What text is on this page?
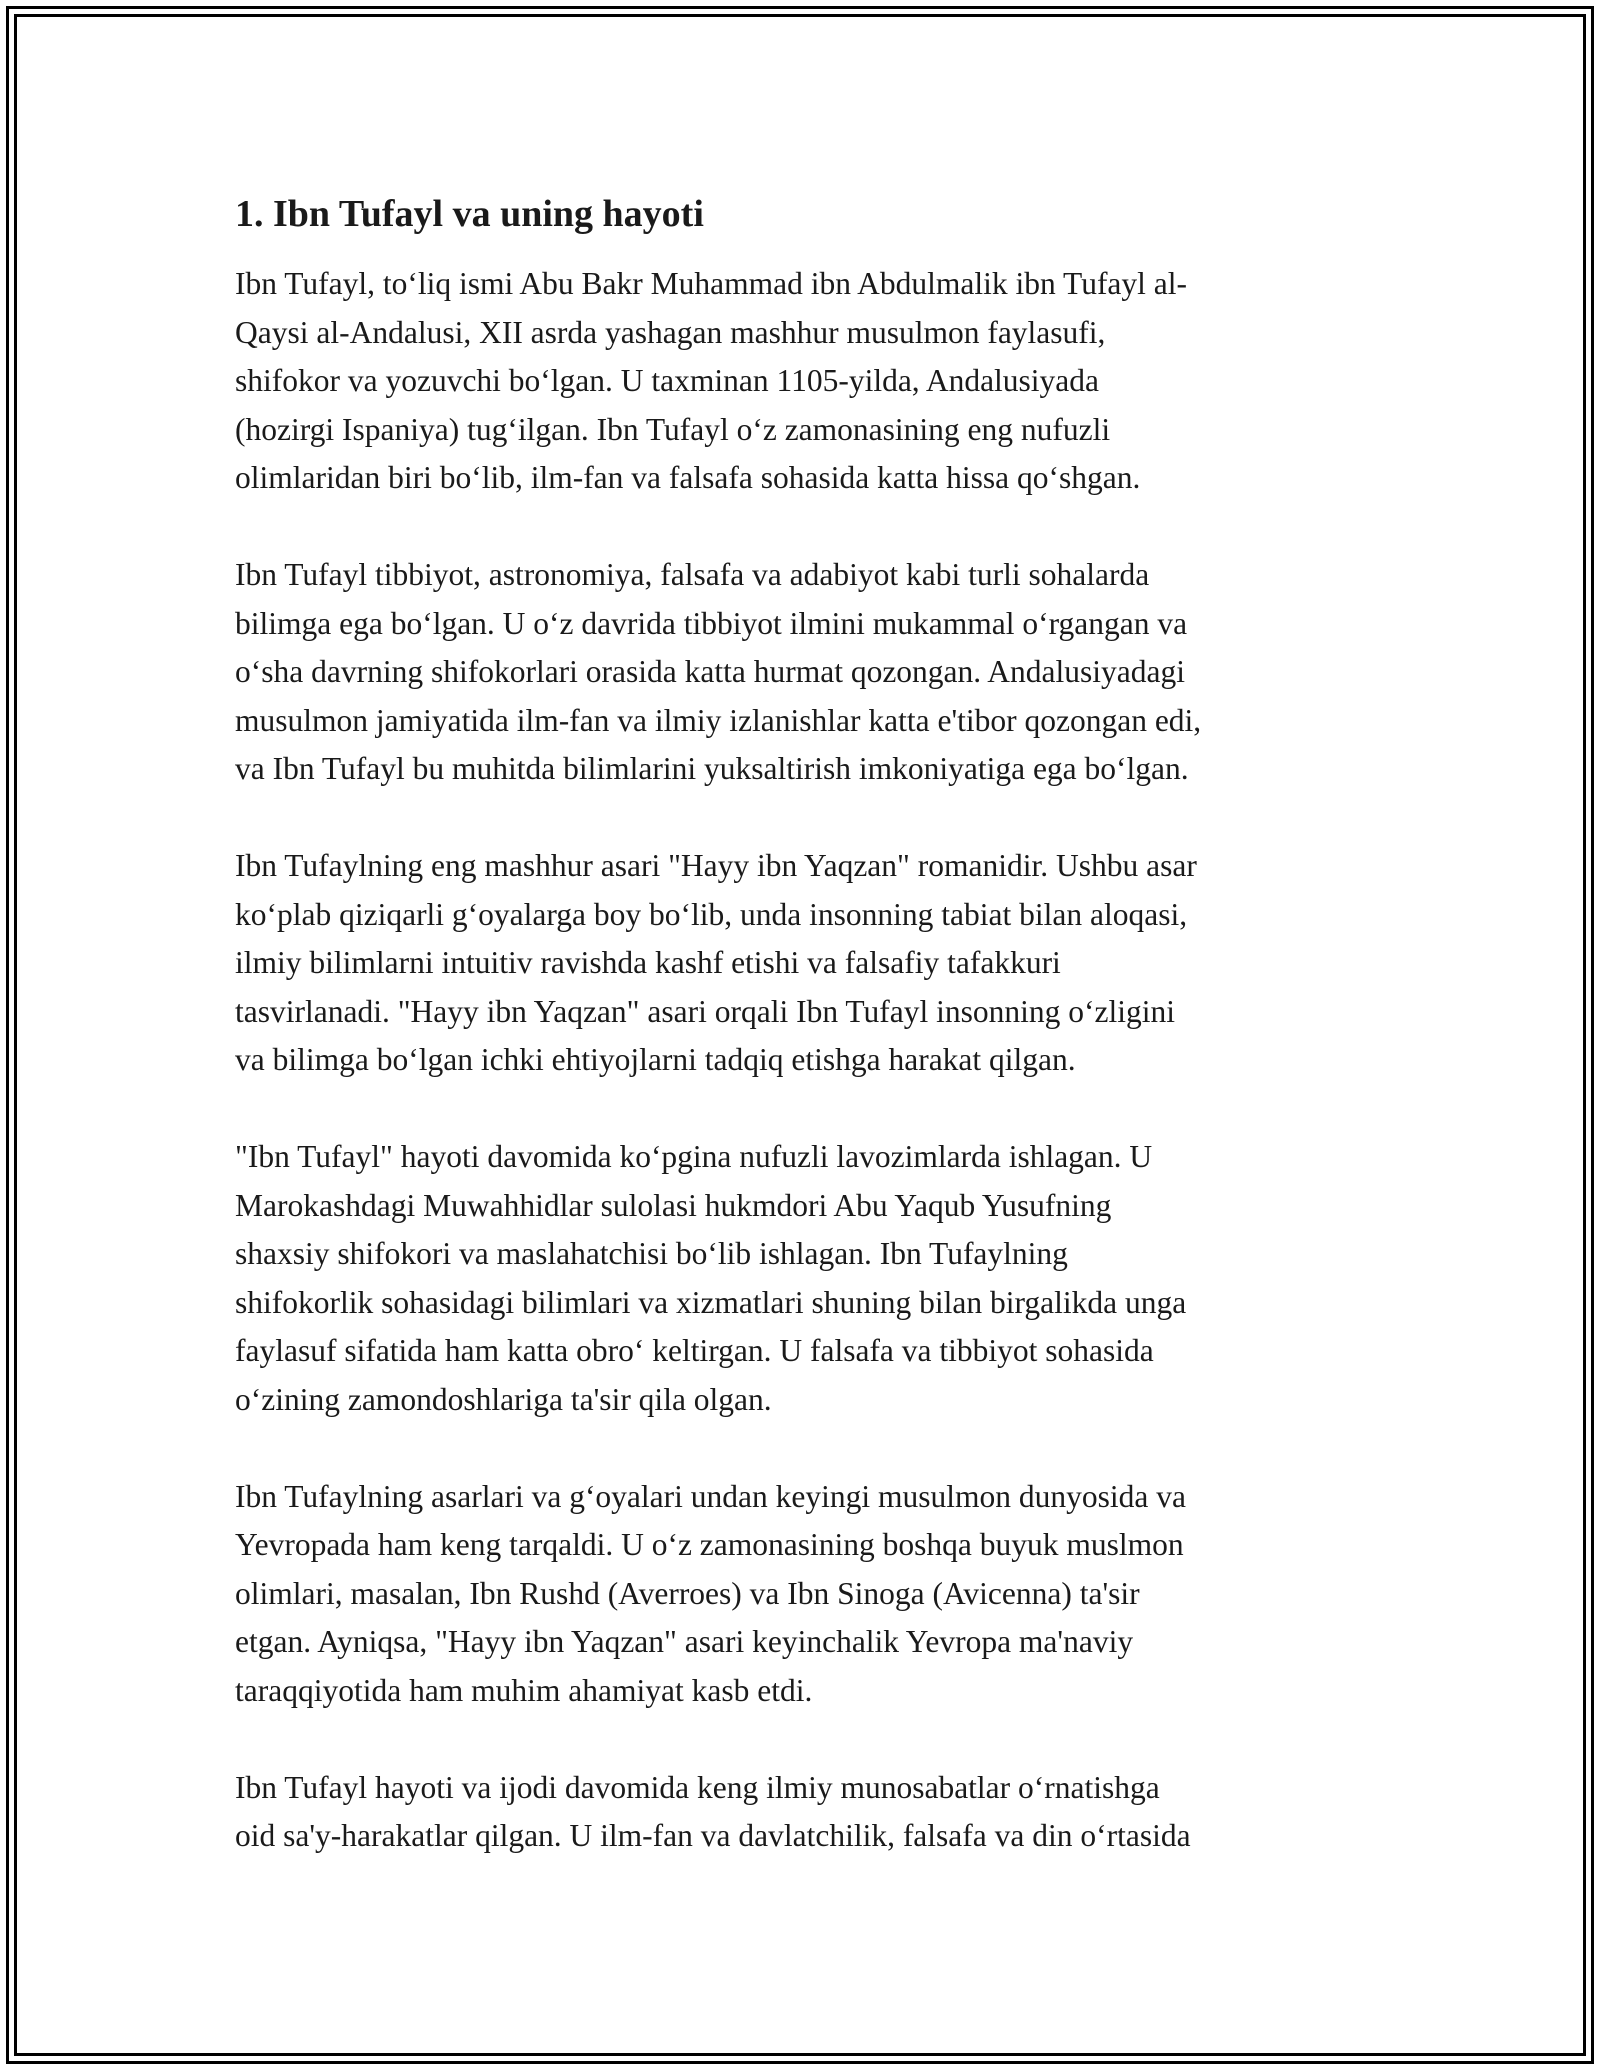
1. Ibn Tufayl va uning hayoti
Ibn Tufayl, to‘liq ismi Abu Bakr Muhammad ibn Abdulmalik ibn Tufayl al-
Qaysi al-Andalusi, XII asrda yashagan mashhur musulmon faylasufi,
shifokor va yozuvchi bo‘lgan. U taxminan 1105-yilda, Andalusiyada
(hozirgi Ispaniya) tug‘ilgan. Ibn Tufayl o‘z zamonasining eng nufuzli
olimlaridan biri bo‘lib, ilm-fan va falsafa sohasida katta hissa qo‘shgan.
Ibn Tufayl tibbiyot, astronomiya, falsafa va adabiyot kabi turli sohalarda
bilimga ega bo‘lgan. U o‘z davrida tibbiyot ilmini mukammal o‘rgangan va
o‘sha davrning shifokorlari orasida katta hurmat qozongan. Andalusiyadagi
musulmon jamiyatida ilm-fan va ilmiy izlanishlar katta e'tibor qozongan edi,
va Ibn Tufayl bu muhitda bilimlarini yuksaltirish imkoniyatiga ega bo‘lgan.
Ibn Tufaylning eng mashhur asari "Hayy ibn Yaqzan" romanidir. Ushbu asar
ko‘plab qiziqarli g‘oyalarga boy bo‘lib, unda insonning tabiat bilan aloqasi,
ilmiy bilimlarni intuitiv ravishda kashf etishi va falsafiy tafakkuri
tasvirlanadi. "Hayy ibn Yaqzan" asari orqali Ibn Tufayl insonning o‘zligini
va bilimga bo‘lgan ichki ehtiyojlarni tadqiq etishga harakat qilgan.
"Ibn Tufayl" hayoti davomida ko‘pgina nufuzli lavozimlarda ishlagan. U
Marokashdagi Muwahhidlar sulolasi hukmdori Abu Yaqub Yusufning
shaxsiy shifokori va maslahatchisi bo‘lib ishlagan. Ibn Tufaylning
shifokorlik sohasidagi bilimlari va xizmatlari shuning bilan birgalikda unga
faylasuf sifatida ham katta obro‘ keltirgan. U falsafa va tibbiyot sohasida
o‘zining zamondoshlariga ta'sir qila olgan.
Ibn Tufaylning asarlari va g‘oyalari undan keyingi musulmon dunyosida va
Yevropada ham keng tarqaldi. U o‘z zamonasining boshqa buyuk muslmon
olimlari, masalan, Ibn Rushd (Averroes) va Ibn Sinoga (Avicenna) ta'sir
etgan. Ayniqsa, "Hayy ibn Yaqzan" asari keyinchalik Yevropa ma'naviy
taraqqiyotida ham muhim ahamiyat kasb etdi.
Ibn Tufayl hayoti va ijodi davomida keng ilmiy munosabatlar o‘rnatishga
oid sa'y-harakatlar qilgan. U ilm-fan va davlatchilik, falsafa va din o‘rtasida
